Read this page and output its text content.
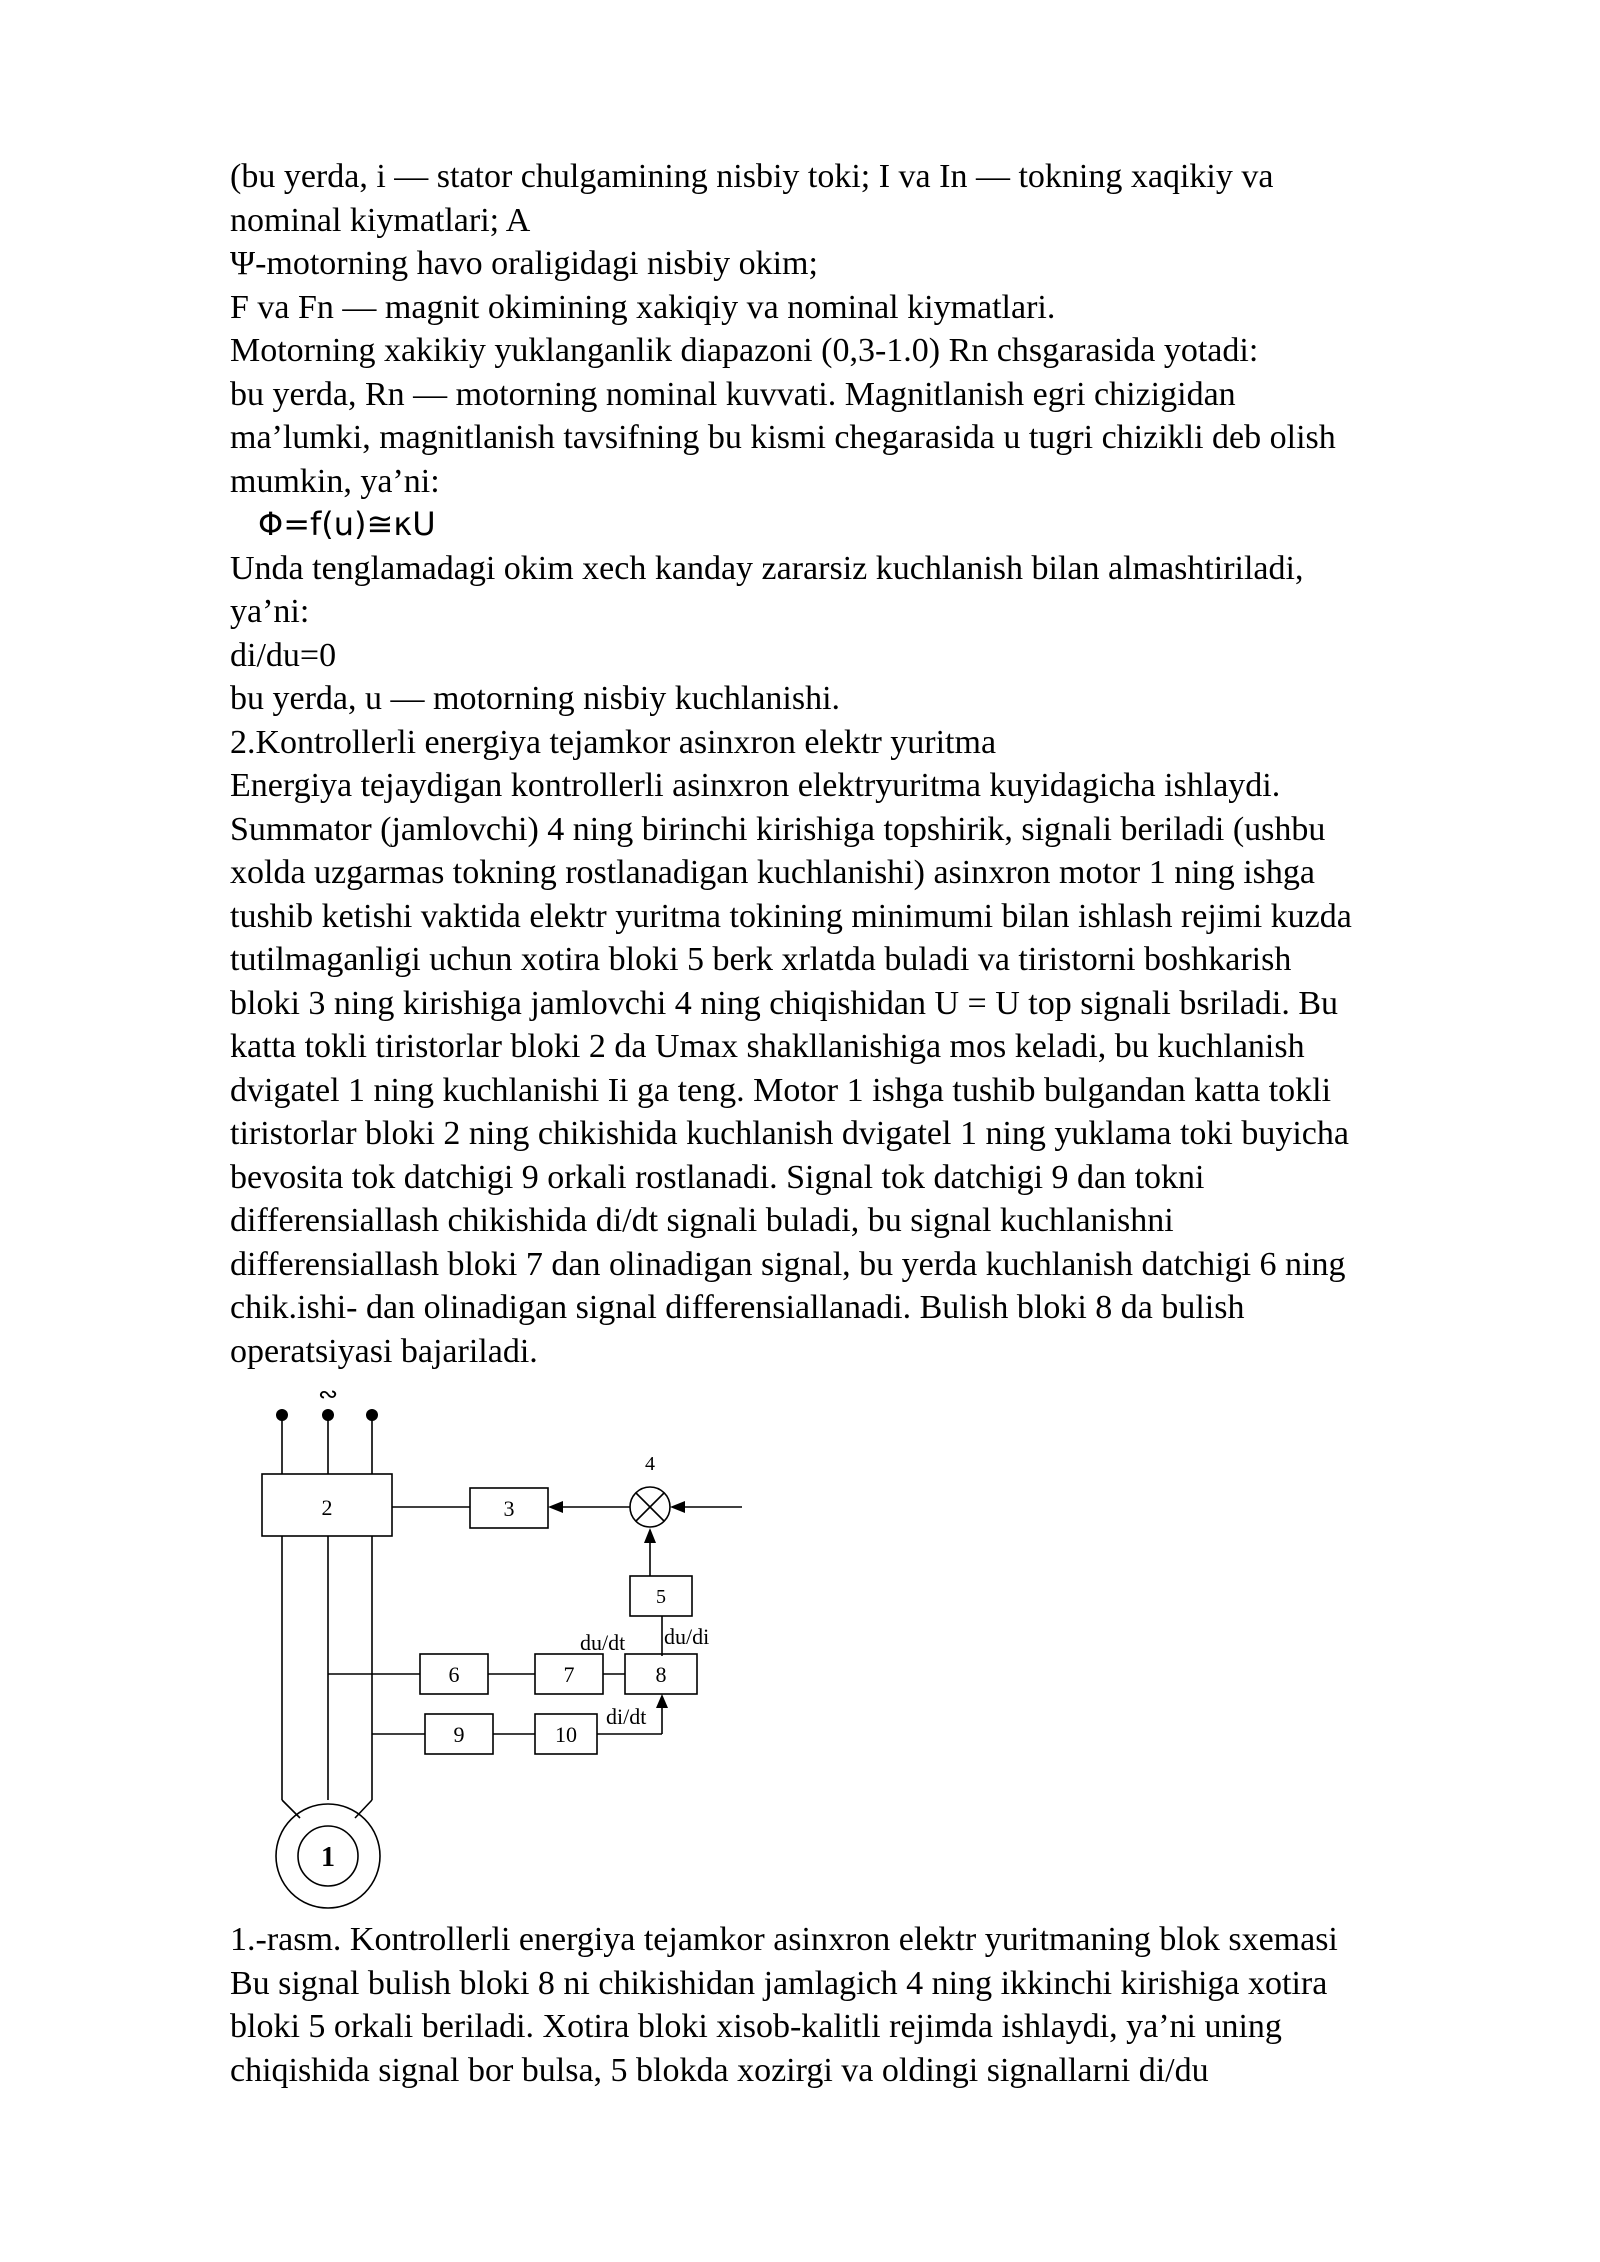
(bu yerda, i — stator chulgamining nisbiy toki; I va In — tokning xaqikiy va
nominal kiymatlari; A
Ψ-motorning havo oraligidagi nisbiy okim;
F va Fn — magnit okimining xakiqiy va nominal kiymatlari.
Motorning xakikiy yuklanganlik diapazoni (0,3-1.0) Rn chsgarasida yotadi:
bu yerda, Rn — motorning nominal kuvvati. Magnitlanish egri chizigidan
ma’lumki, magnitlanish tavsifning bu kismi chegarasida u tugri chizikli deb olish
mumkin, ya’ni:
Φ=f(u)≅κU
Unda tenglamadagi okim xech kanday zararsiz kuchlanish bilan almashtiriladi,
ya’ni:
di/du=0
bu yerda, u — motorning nisbiy kuchlanishi.
2.Kontrollerli energiya tejamkor asinxron elektr yuritma
Energiya tejaydigan kontrollerli asinxron elektryuritma kuyidagicha ishlaydi.
Summator (jamlovchi) 4 ning birinchi kirishiga topshirik, signali beriladi (ushbu
xolda uzgarmas tokning rostlanadigan kuchlanishi) asinxron motor 1 ning ishga
tushib ketishi vaktida elektr yuritma tokining minimumi bilan ishlash rejimi kuzda
tutilmaganligi uchun xotira bloki 5 berk xrlatda buladi va tiristorni boshkarish
bloki 3 ning kirishiga jamlovchi 4 ning chiqishidan U = U top signali bsriladi. Bu
katta tokli tiristorlar bloki 2 da Umax shakllanishiga mos keladi, bu kuchlanish
dvigatel 1 ning kuchlanishi Ii ga teng. Motor 1 ishga tushib bulgandan katta tokli
tiristorlar bloki 2 ning chikishida kuchlanish dvigatel 1 ning yuklama toki buyicha
bevosita tok datchigi 9 orkali rostlanadi. Signal tok datchigi 9 dan tokni
differensiallash chikishida di/dt signali buladi, bu signal kuchlanishni
differensiallash bloki 7 dan olinadigan signal, bu yerda kuchlanish datchigi 6 ning
chik.ishi- dan olinadigan signal differensiallanadi. Bulish bloki 8 da bulish
operatsiyasi bajariladi.
∾
2	3
4
5
6	7	8
9	10
1
du/dt du/di
di/dt
1.-rasm. Kontrollerli energiya tejamkor asinxron elektr yuritmaning blok sxemasi
Bu signal bulish bloki 8 ni chikishidan jamlagich 4 ning ikkinchi kirishiga xotira
bloki 5 orkali beriladi. Xotira bloki xisob-kalitli rejimda ishlaydi, ya’ni uning
chiqishida signal bor bulsa, 5 blokda xozirgi va oldingi signallarni di/du
